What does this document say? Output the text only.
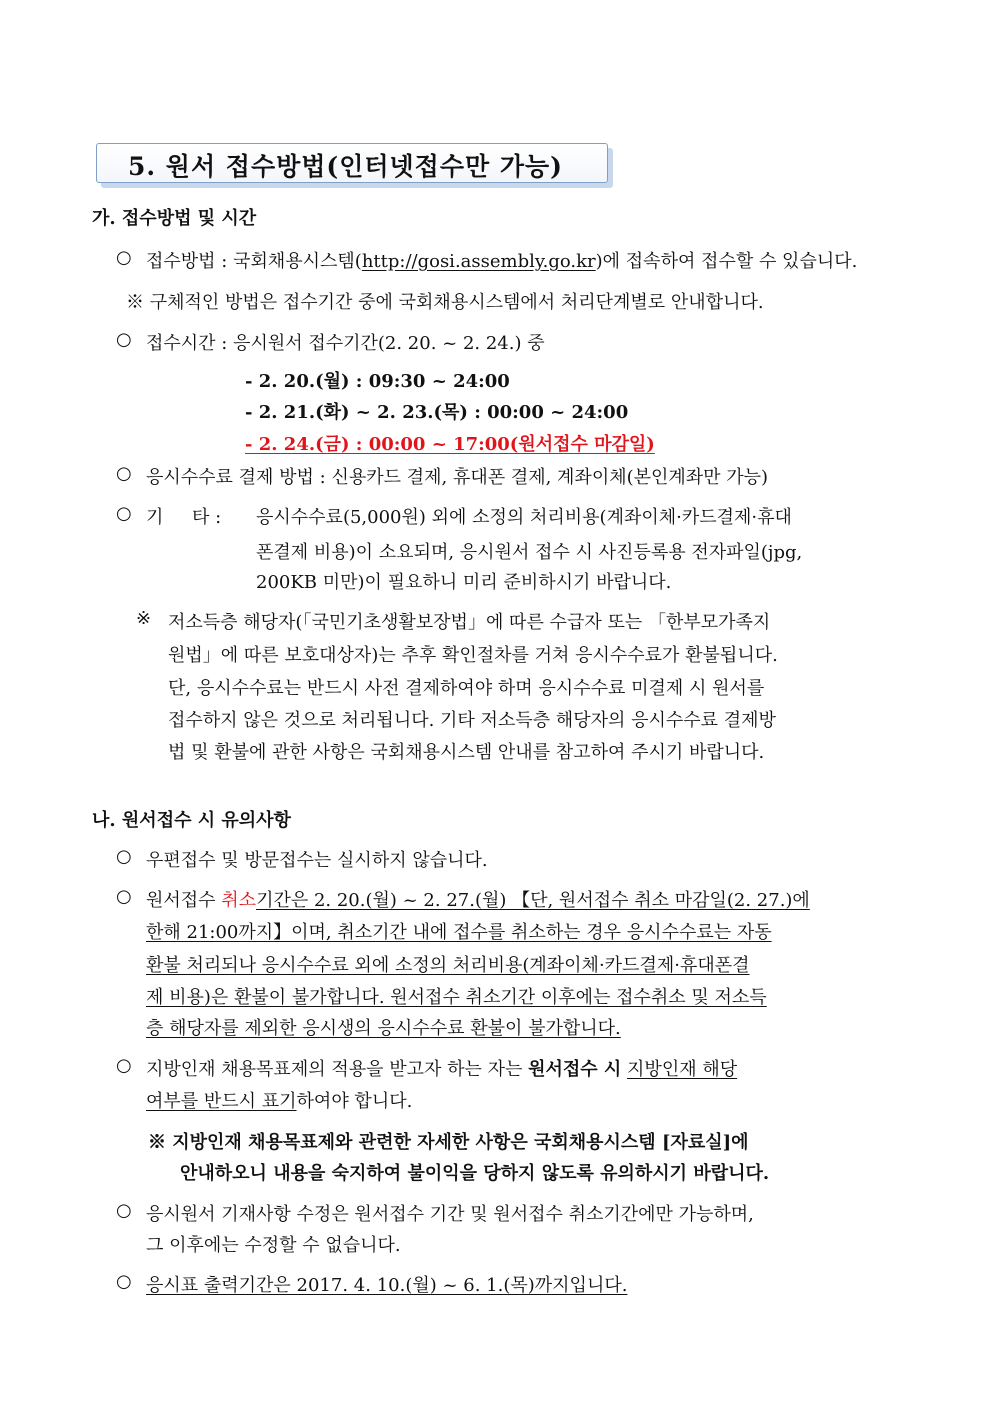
5. 원서 접수방법(인터넷접수만 가능)
가. 접수방법 및 시간
○ 접수방법 : 국회채용시스템(http://gosi.assembly.go.kr)에 접속하여 접수할 수 있습니다.
※ 구체적인 방법은 접수기간 중에 국회채용시스템에서 처리단계별로 안내합니다.
○ 접수시간 : 응시원서 접수기간(2. 20. ~ 2. 24.) 중
- 2. 20.(월) : 09:30 ~ 24:00
- 2. 21.(화) ~ 2. 23.(목) : 00:00 ~ 24:00
- 2. 24.(금) : 00:00 ~ 17:00(원서접수 마감일)
○ 응시수수료 결제 방법 : 신용카드 결제, 휴대폰 결제, 계좌이체(본인계좌만 가능)
○ 기     타 : 응시수수료(5,000원) 외에 소정의 처리비용(계좌이체·카드결제·휴대
폰결제 비용)이 소요되며, 응시원서 접수 시 사진등록용 전자파일(jpg,
200KB 미만)이 필요하니 미리 준비하시기 바랍니다.
※ 저소득층 해당자(「국민기초생활보장법」에 따른 수급자 또는 「한부모가족지
원법」에 따른 보호대상자)는 추후 확인절차를 거쳐 응시수수료가 환불됩니다.
단, 응시수수료는 반드시 사전 결제하여야 하며 응시수수료 미결제 시 원서를
접수하지 않은 것으로 처리됩니다. 기타 저소득층 해당자의 응시수수료 결제방
법 및 환불에 관한 사항은 국회채용시스템 안내를 참고하여 주시기 바랍니다.
나. 원서접수 시 유의사항
○ 우편접수 및 방문접수는 실시하지 않습니다.
○ 원서접수 취소기간은 2. 20.(월) ~ 2. 27.(월) 【단, 원서접수 취소 마감일(2. 27.)에
한해 21:00까지】이며, 취소기간 내에 접수를 취소하는 경우 응시수수료는 자동
환불 처리되나 응시수수료 외에 소정의 처리비용(계좌이체·카드결제·휴대폰결
제 비용)은 환불이 불가합니다. 원서접수 취소기간 이후에는 접수취소 및 저소득
층 해당자를 제외한 응시생의 응시수수료 환불이 불가합니다.
○ 지방인재 채용목표제의 적용을 받고자 하는 자는 원서접수 시 지방인재 해당
여부를 반드시 표기하여야 합니다.
※ 지방인재 채용목표제와 관련한 자세한 사항은 국회채용시스템 [자료실]에
안내하오니 내용을 숙지하여 불이익을 당하지 않도록 유의하시기 바랍니다.
○ 응시원서 기재사항 수정은 원서접수 기간 및 원서접수 취소기간에만 가능하며,
그 이후에는 수정할 수 없습니다.
○ 응시표 출력기간은 2017. 4. 10.(월) ~ 6. 1.(목)까지입니다.
